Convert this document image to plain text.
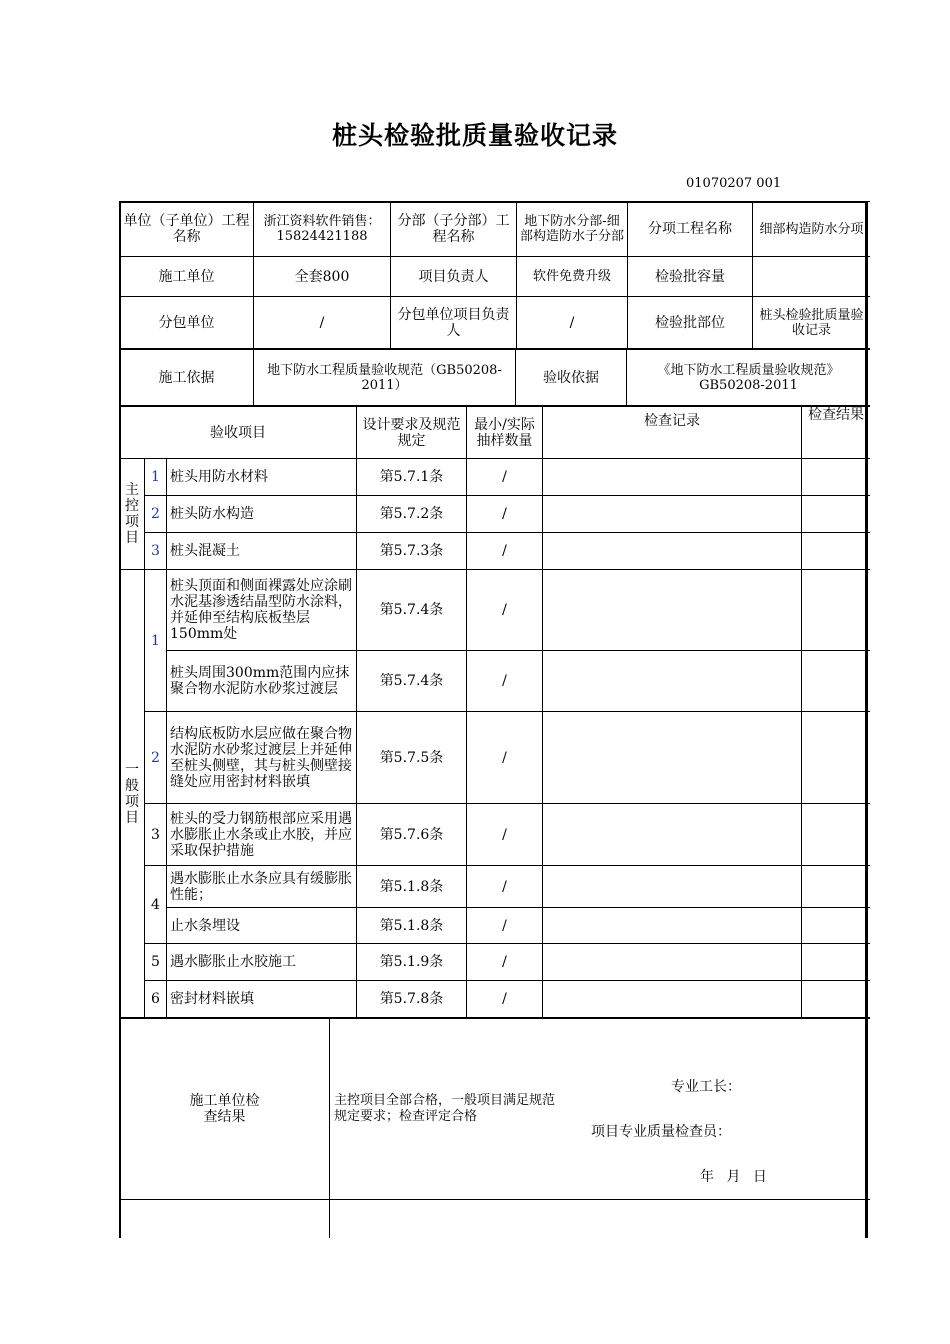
桩头检验批质量验收记录
01070207 001
单位（子单位）工程名称	浙江资料软件销售：15824421188	分部（子分部）工程名称	地下防水分部-细部构造防水子分部	分项工程名称	细部构造防水分项
施工单位	全套800	项目负责人	软件免费升级	检验批容量	
分包单位	/	分包单位项目负责人	/	检验批部位	桩头检验批质量验收记录
施工依据	地下防水工程质量验收规范（GB50208-2011）	验收依据	《地下防水工程质量验收规范》GB50208-2011
验收项目			设计要求及规范规定	最小/实际抽样数量	检查记录	检查结果
主控项目	1	桩头用防水材料	第5.7.1条	/		
	2	桩头防水构造	第5.7.2条	/		
	3	桩头混凝土	第5.7.3条	/		
一般项目	1	桩头顶面和侧面裸露处应涂刷水泥基渗透结晶型防水涂料，并延伸至结构底板垫层150mm处	第5.7.4条	/		
		桩头周围300mm范围内应抹聚合物水泥防水砂浆过渡层	第5.7.4条	/		
	2	结构底板防水层应做在聚合物水泥防水砂浆过渡层上并延伸至桩头侧壁，其与桩头侧壁接缝处应用密封材料嵌填	第5.7.5条	/		
	3	桩头的受力钢筋根部应采用遇水膨胀止水条或止水胶，并应采取保护措施	第5.7.6条	/		
	4	遇水膨胀止水条应具有缓膨胀性能；	第5.1.8条	/		
		止水条埋设	第5.1.8条	/		
	5	遇水膨胀止水胶施工	第5.1.9条	/		
	6	密封材料嵌填	第5.7.8条	/		
施工单位检查结果	主控项目全部合格，一般项目满足规范规定要求；检查评定合格
专业工长：
项目专业质量检查员：
年 月 日
